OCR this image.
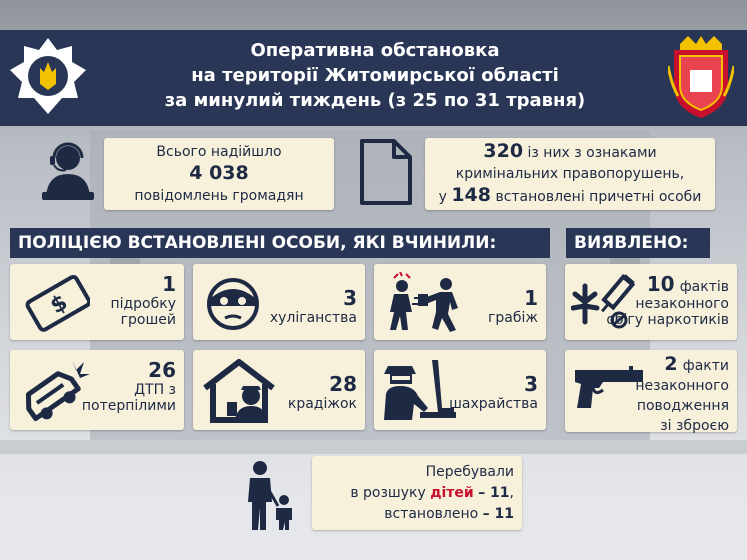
Оперативна обстановка
на території Житомирської області
за минулий тиждень (з 25 по 31 травня)
Всього надійшло
4 038
повідомлень громадян
320 із них з ознаками
кримінальних правопорушень,
у 148 встановлені причетні особи
ПОЛІЦІЄЮ ВСТАНОВЛЕНІ ОСОБИ, ЯКІ ВЧИНИЛИ:	ВИЯВЛЕНО:
$
1
підробку
грошей
3
хуліганства
1
грабіж
10 фактів
незаконного
обігу наркотиків
26
ДТП з
потерпілими
28
крадіжок
3
шахрайства
2 факти
незаконного
поводження
зі зброєю
Перебували
в розшуку дітей – 11,
встановлено – 11
